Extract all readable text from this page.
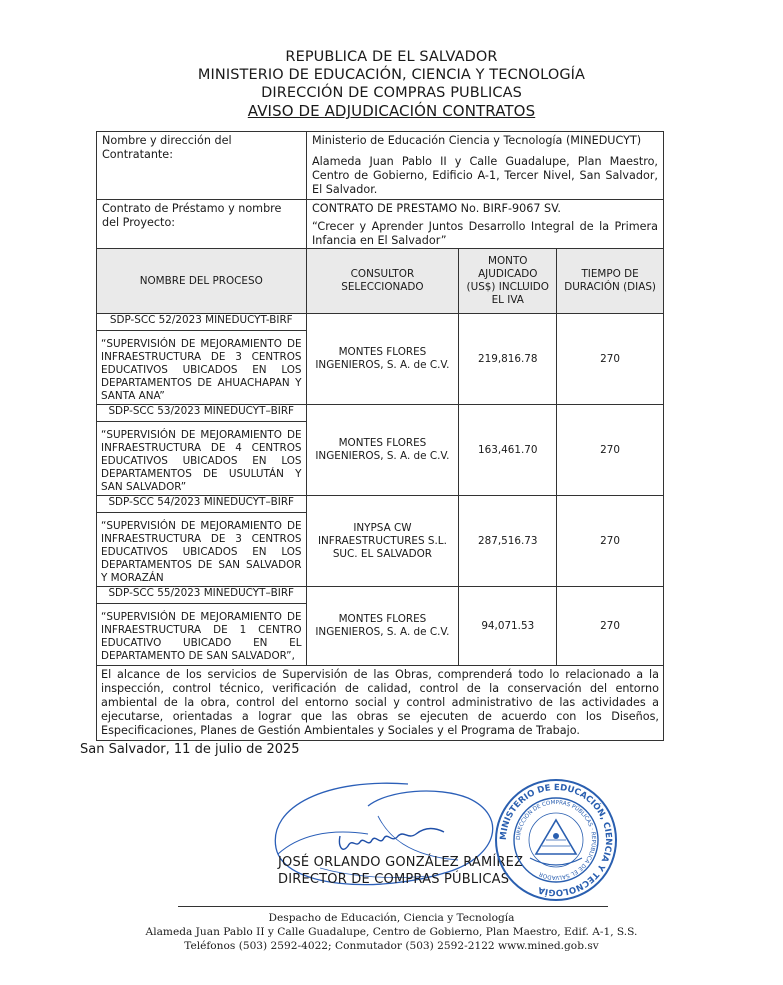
REPUBLICA DE EL SALVADOR
MINISTERIO DE EDUCACIÓN, CIENCIA Y TECNOLOGÍA
DIRECCIÓN DE COMPRAS PUBLICAS
AVISO DE ADJUDICACIÓN CONTRATOS
Nombre y dirección del Contratante:	Ministerio de Educación Ciencia y Tecnología (MINEDUCYT)
Alameda Juan Pablo II y Calle Guadalupe, Plan Maestro, Centro de Gobierno, Edificio A-1, Tercer Nivel, San Salvador, El Salvador.

Contrato de Préstamo y nombre del Proyecto:	CONTRATO DE PRESTAMO No. BIRF-9067 SV.
“Crecer y Aprender Juntos Desarrollo Integral de la Primera Infancia en El Salvador”
NOMBRE DEL PROCESO	CONSULTOR SELECCIONADO	MONTO AJUDICADO (US$) INCLUIDO EL IVA	TIEMPO DE DURACIÓN (DIAS)
SDP-SCC 52/2023 MINEDUCYT-BIRF	MONTES FLORES INGENIEROS, S. A. de C.V.	219,816.78	270
“SUPERVISIÓN DE MEJORAMIENTO DE INFRAESTRUCTURA DE 3 CENTROS EDUCATIVOS UBICADOS EN LOS DEPARTAMENTOS DE AHUACHAPAN Y SANTA ANA”			
SDP-SCC 53/2023 MINEDUCYT–BIRF	MONTES FLORES INGENIEROS, S. A. de C.V.	163,461.70	270
“SUPERVISIÓN DE MEJORAMIENTO DE INFRAESTRUCTURA DE 4 CENTROS EDUCATIVOS UBICADOS EN LOS DEPARTAMENTOS DE USULUTÁN Y SAN SALVADOR”			
SDP-SCC 54/2023 MINEDUCYT–BIRF	INYPSA CW INFRAESTRUCTURES S.L. SUC. EL SALVADOR	287,516.73	270
“SUPERVISIÓN DE MEJORAMIENTO DE INFRAESTRUCTURA DE 3 CENTROS EDUCATIVOS UBICADOS EN LOS DEPARTAMENTOS DE SAN SALVADOR Y MORAZÁN			
SDP-SCC 55/2023 MINEDUCYT–BIRF	MONTES FLORES INGENIEROS, S. A. de C.V.	94,071.53	270
“SUPERVISIÓN DE MEJORAMIENTO DE INFRAESTRUCTURA DE 1 CENTRO EDUCATIVO UBICADO EN EL DEPARTAMENTO DE SAN SALVADOR”,			
El alcance de los servicios de Supervisión de las Obras, comprenderá todo lo relacionado a la inspección, control técnico, verificación de calidad, control de la conservación del entorno ambiental de la obra, control del entorno social y control administrativo de las actividades a ejecutarse, orientadas a lograr que las obras se ejecuten de acuerdo con los Diseños, Especificaciones, Planes de Gestión Ambientales y Sociales y el Programa de Trabajo.			
San Salvador, 11 de julio de 2025
JOSÉ ORLANDO GONZÁLEZ RAMÍREZ
DIRECTOR DE COMPRAS PÚBLICAS
MINISTERIO DE EDUCACIÓN, CIENCIA Y TECNOLOGÍA
DIRECCIÓN DE COMPRAS PÚBLICAS · REPÚBLICA DE EL SALVADOR
Despacho de Educación, Ciencia y Tecnología
Alameda Juan Pablo II y Calle Guadalupe, Centro de Gobierno, Plan Maestro, Edif. A-1, S.S.
Teléfonos (503) 2592-4022; Conmutador (503) 2592-2122 www.mined.gob.sv
